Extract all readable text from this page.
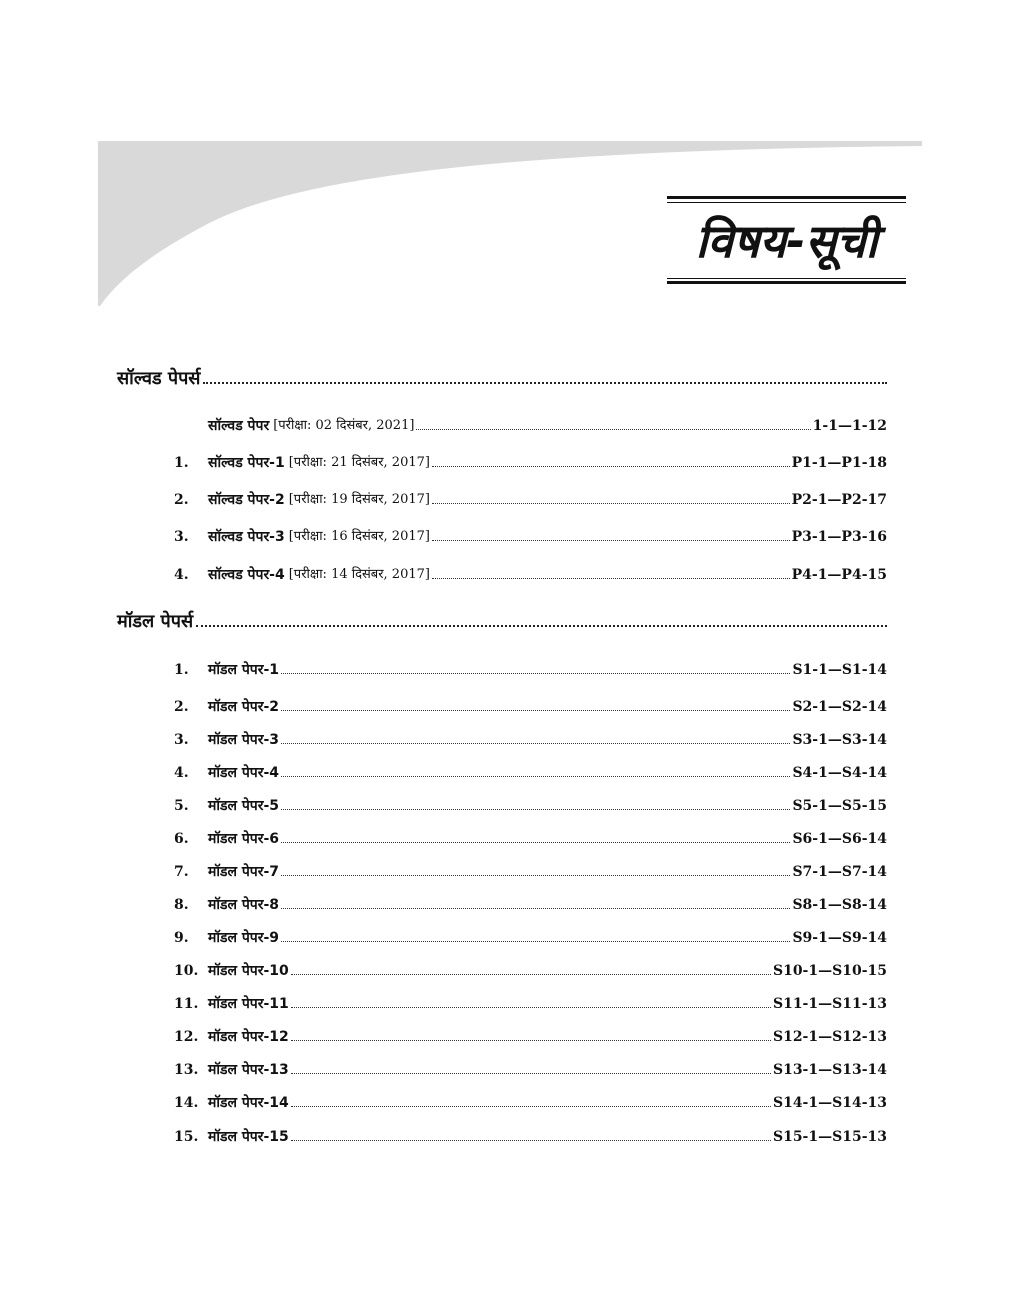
विषय-सूची
सॉल्वड पेपर्स
सॉल्वड पेपर [परीक्षा: 02 दिसंबर, 2021]	1-1—1-12
1.	सॉल्वड पेपर-1 [परीक्षा: 21 दिसंबर, 2017]	P1-1—P1-18
2.	सॉल्वड पेपर-2 [परीक्षा: 19 दिसंबर, 2017]	P2-1—P2-17
3.	सॉल्वड पेपर-3 [परीक्षा: 16 दिसंबर, 2017]	P3-1—P3-16
4.	सॉल्वड पेपर-4 [परीक्षा: 14 दिसंबर, 2017]	P4-1—P4-15
मॉडल पेपर्स
1.	मॉडल पेपर-1	S1-1—S1-14
2.	मॉडल पेपर-2	S2-1—S2-14
3.	मॉडल पेपर-3	S3-1—S3-14
4.	मॉडल पेपर-4	S4-1—S4-14
5.	मॉडल पेपर-5	S5-1—S5-15
6.	मॉडल पेपर-6	S6-1—S6-14
7.	मॉडल पेपर-7	S7-1—S7-14
8.	मॉडल पेपर-8	S8-1—S8-14
9.	मॉडल पेपर-9	S9-1—S9-14
10. मॉडल पेपर-10	S10-1—S10-15
11. मॉडल पेपर-11	S11-1—S11-13
12. मॉडल पेपर-12	S12-1—S12-13
13. मॉडल पेपर-13	S13-1—S13-14
14. मॉडल पेपर-14	S14-1—S14-13
15. मॉडल पेपर-15	S15-1—S15-13
